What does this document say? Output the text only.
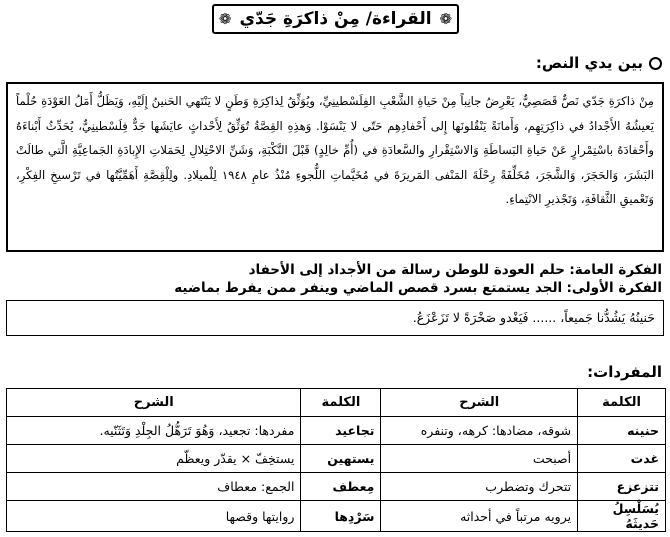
❁
القراءة/ مِنْ ذاكرَةِ جَدّي
❁
بين يدي النص:
مِنْ ذاكرَةِ جَدّي نَصٌّ قَصَصِيٌّ، يَعْرِضُ جانِباً مِنْ حَياةِ الشَّعْبِ الفِلَسْطينِيِّ، ويُوَثِّقُ لِذاكِرَةِ وَطَنٍ لا يَنْتَهي الحَنينُ إِلَيْهِ، وَيَظَلُّ أَمَلُ العَوْدَةِ حُلْماً يَعيشُهُ الأَجْدادُ في ذاكِرَتِهِم، وَأَمانَةً يَنْقُلونَها إِلى أَحْفادِهِم حَتّى لا يَنْسَوْا. وَهذِهِ القِصَّةُ تُوَثِّقُ لِأَحْداثٍ عايَشَها جَدٌّ فِلَسْطينِيٌّ، يُحَدِّثُ أَبْناءَهُ وأَحْفادَهُ باسْتِمْرارٍ عَنْ حَياةِ البَساطَةِ وَالاسْتِقْرارِ والسَّعادَةِ في (أُمِّ خالِدٍ) قَبْلَ النَّكْبَةِ، وَشَنِّ الاحْتِلالِ لِحَمَلاتِ الإِبادَةِ الجَماعِيَّةِ الَّتي طالَتْ البَشَرَ، وَالحَجَرَ، وَالشَّجَرَ، مُخَلِّفَةً رِحْلَةَ المَنْفى المَريرَةَ في مُخَيَّماتِ اللُّجوءِ مُنْذُ عامِ ١٩٤٨ لِلْميلادِ. ولِلْقِصَّةِ أَهَمِّيَّتُها في تَرْسيخِ الفِكْرِ، وَتَعْميقِ الثَّقافَةِ، وَتَجْذيرِ الانْتِماءِ.
الفكرة العامة: حلم العودة للوطن رسالة من الأجداد إلى الأحفاد
الفكرة الأولى: الجد يستمتع بسرد قصص الماضي وينفر ممن يفرط بماضيه
حَنينُهُ يَشُدُّنا جَميعاً، ...... فَيَغْدو صَخْرَةً لا تَزَعْزَعُ.
المفردات:
الكلمة	الشرح	الكلمة	الشرح
حنينه	شوقه، مضادها: كرهه، وتنفره	تجاعيد	مفردها: تجعيد، وَهُوَ تَرَهُّلُ الجِلْدِ وَتَثَنّيه.
غدت	أصبحت	يستهين	يستخِفّ × يقدّر ويعظّم
تتزعزع	تتحرك وتضطرب	مِعطف	الجمع: معطاف
يُسَلْسِلُ حَديثَهُ	يرويه مرتباً في أحداثه	سَرْدِها	روايتها وقصها
